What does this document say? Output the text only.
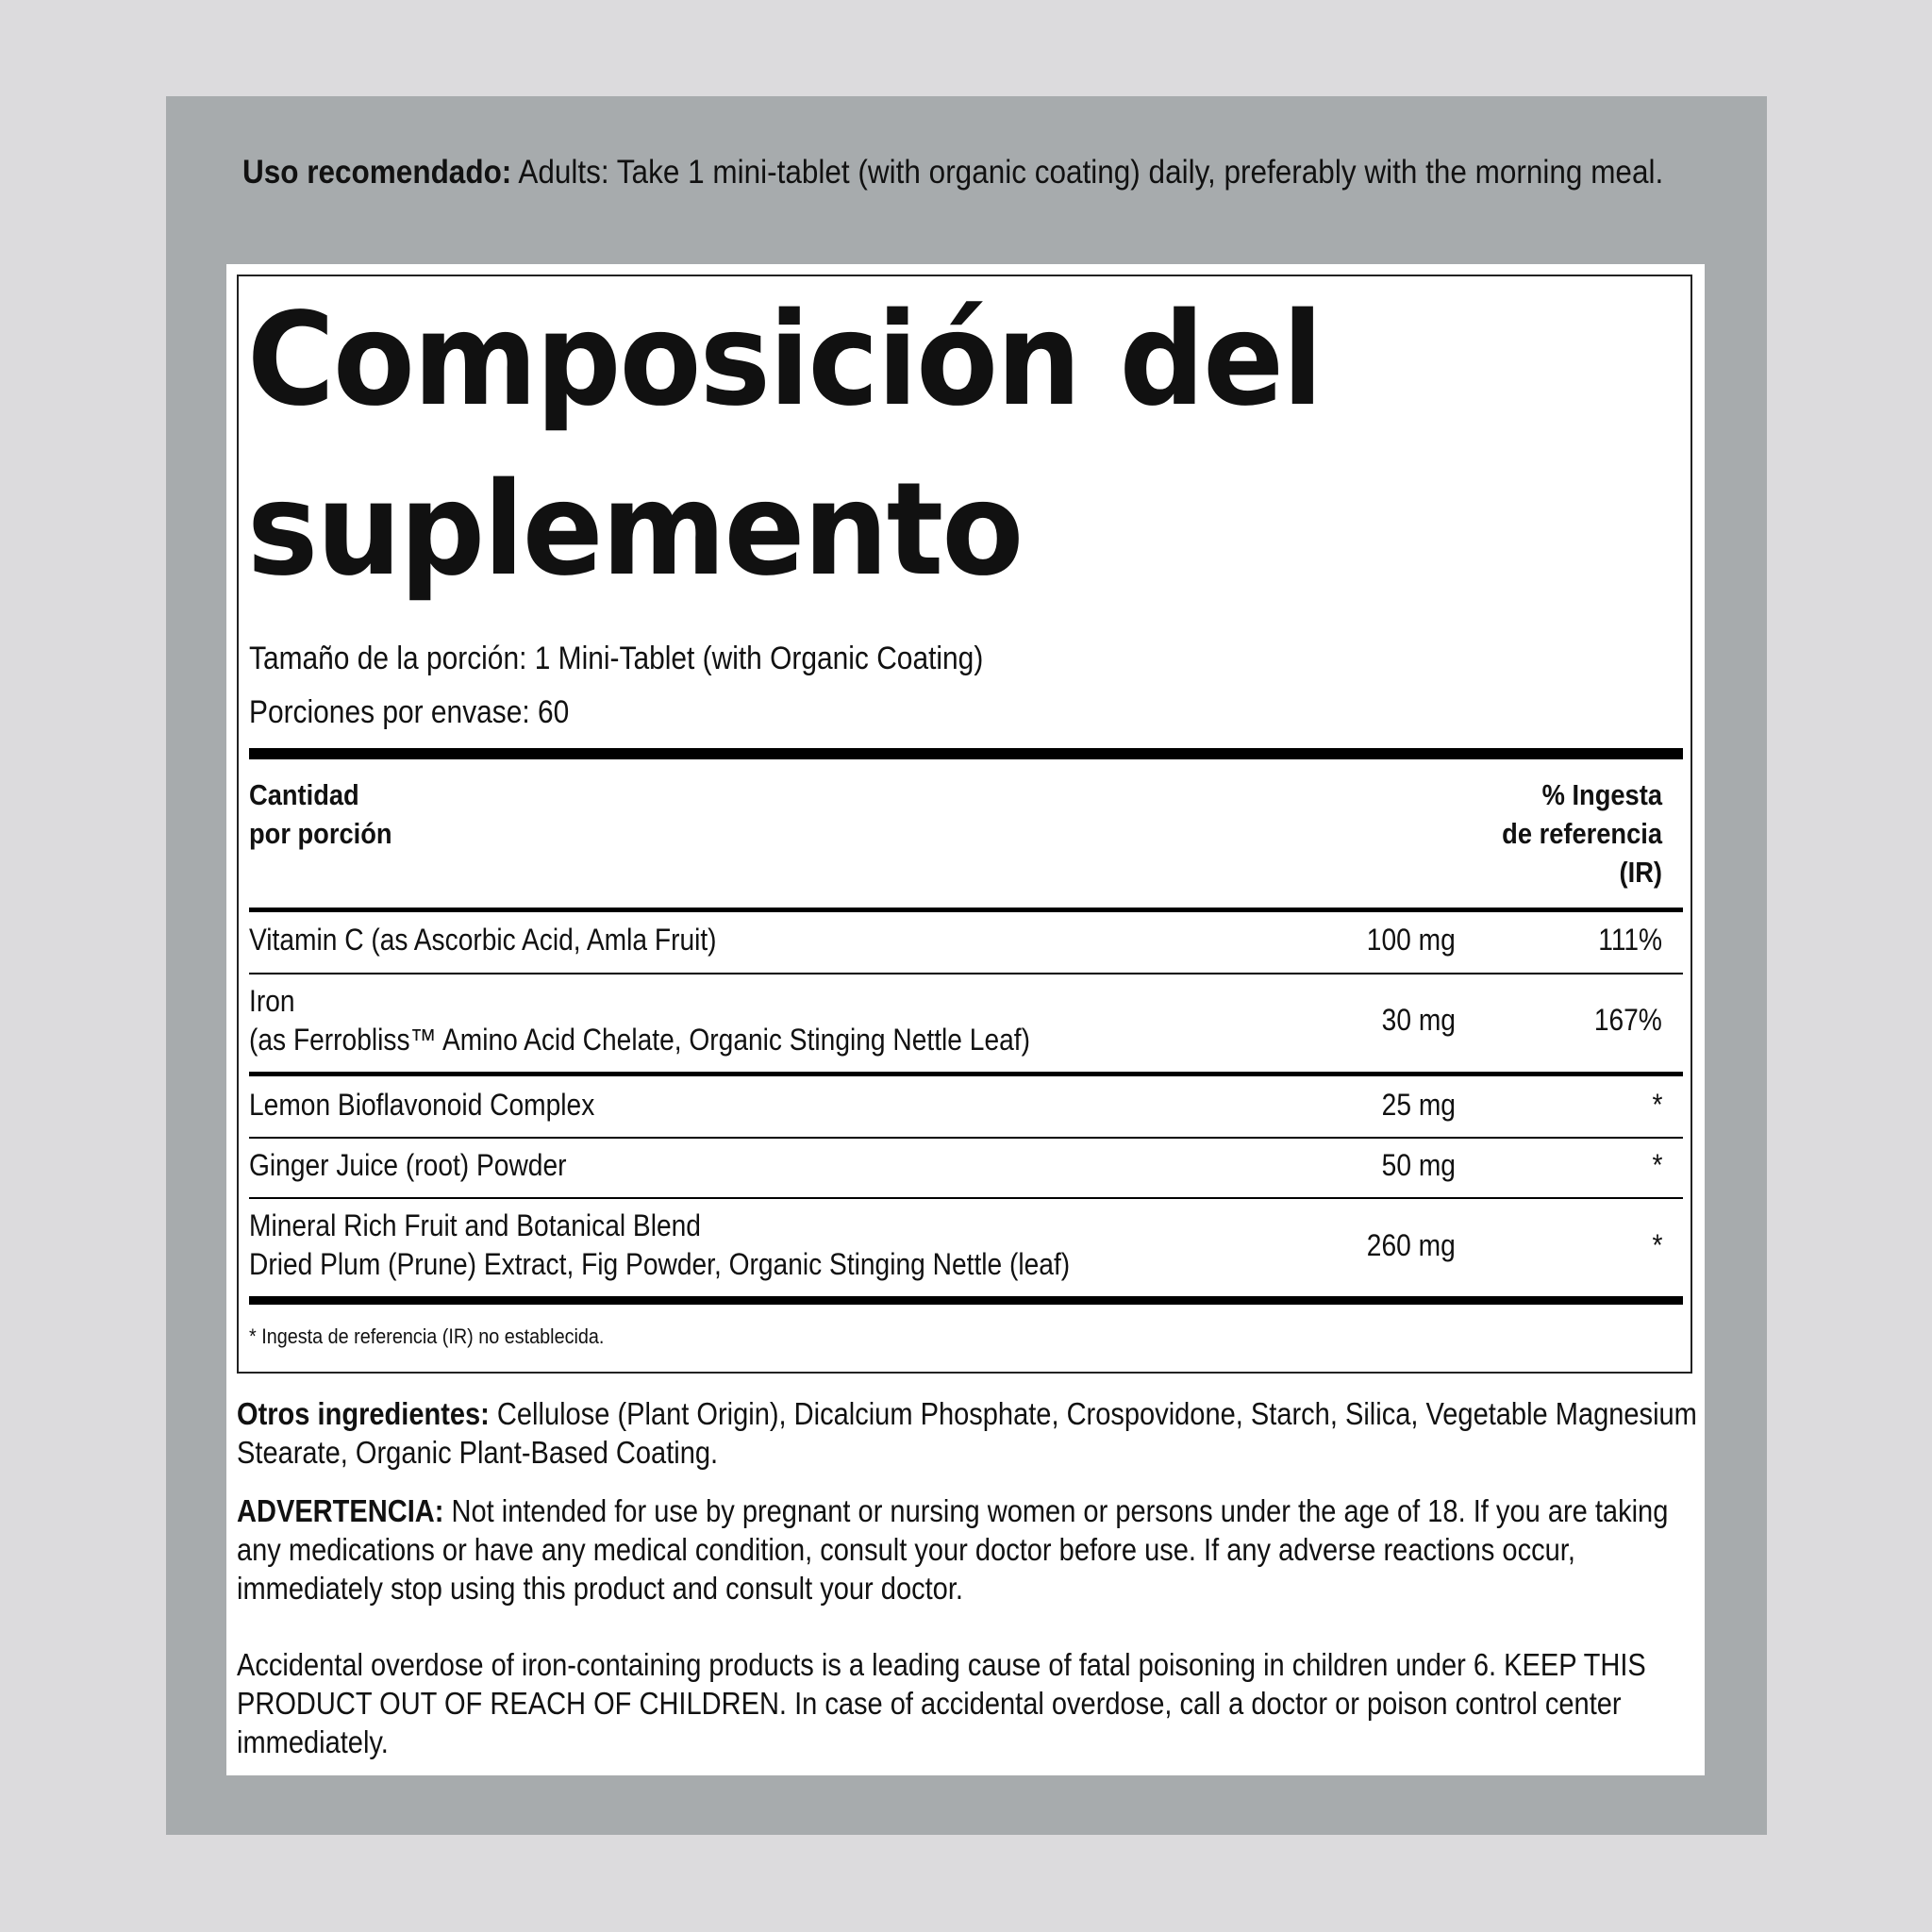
Uso recomendado: Adults: Take 1 mini-tablet (with organic coating) daily, preferably with the morning meal.
Composición del
suplemento
Tamaño de la porción: 1 Mini-Tablet (with Organic Coating)
Porciones por envase: 60
Cantidad
por porción
% Ingesta
de referencia
(IR)
Vitamin C (as Ascorbic Acid, Amla Fruit)	100 mg	111%
Iron
(as Ferrobliss™ Amino Acid Chelate, Organic Stinging Nettle Leaf)
30 mg	167%
Lemon Bioflavonoid Complex	25 mg	*
Ginger Juice (root) Powder	50 mg	*
Mineral Rich Fruit and Botanical Blend
Dried Plum (Prune) Extract, Fig Powder, Organic Stinging Nettle (leaf)
260 mg	*
* Ingesta de referencia (IR) no establecida.
Otros ingredientes: Cellulose (Plant Origin), Dicalcium Phosphate, Crospovidone, Starch, Silica, Vegetable Magnesium Stearate, Organic Plant-Based Coating.
ADVERTENCIA: Not intended for use by pregnant or nursing women or persons under the age of 18. If you are taking any medications or have any medical condition, consult your doctor before use. If any adverse reactions occur, immediately stop using this product and consult your doctor.
Accidental overdose of iron-containing products is a leading cause of fatal poisoning in children under 6. KEEP THIS PRODUCT OUT OF REACH OF CHILDREN. In case of accidental overdose, call a doctor or poison control center immediately.
